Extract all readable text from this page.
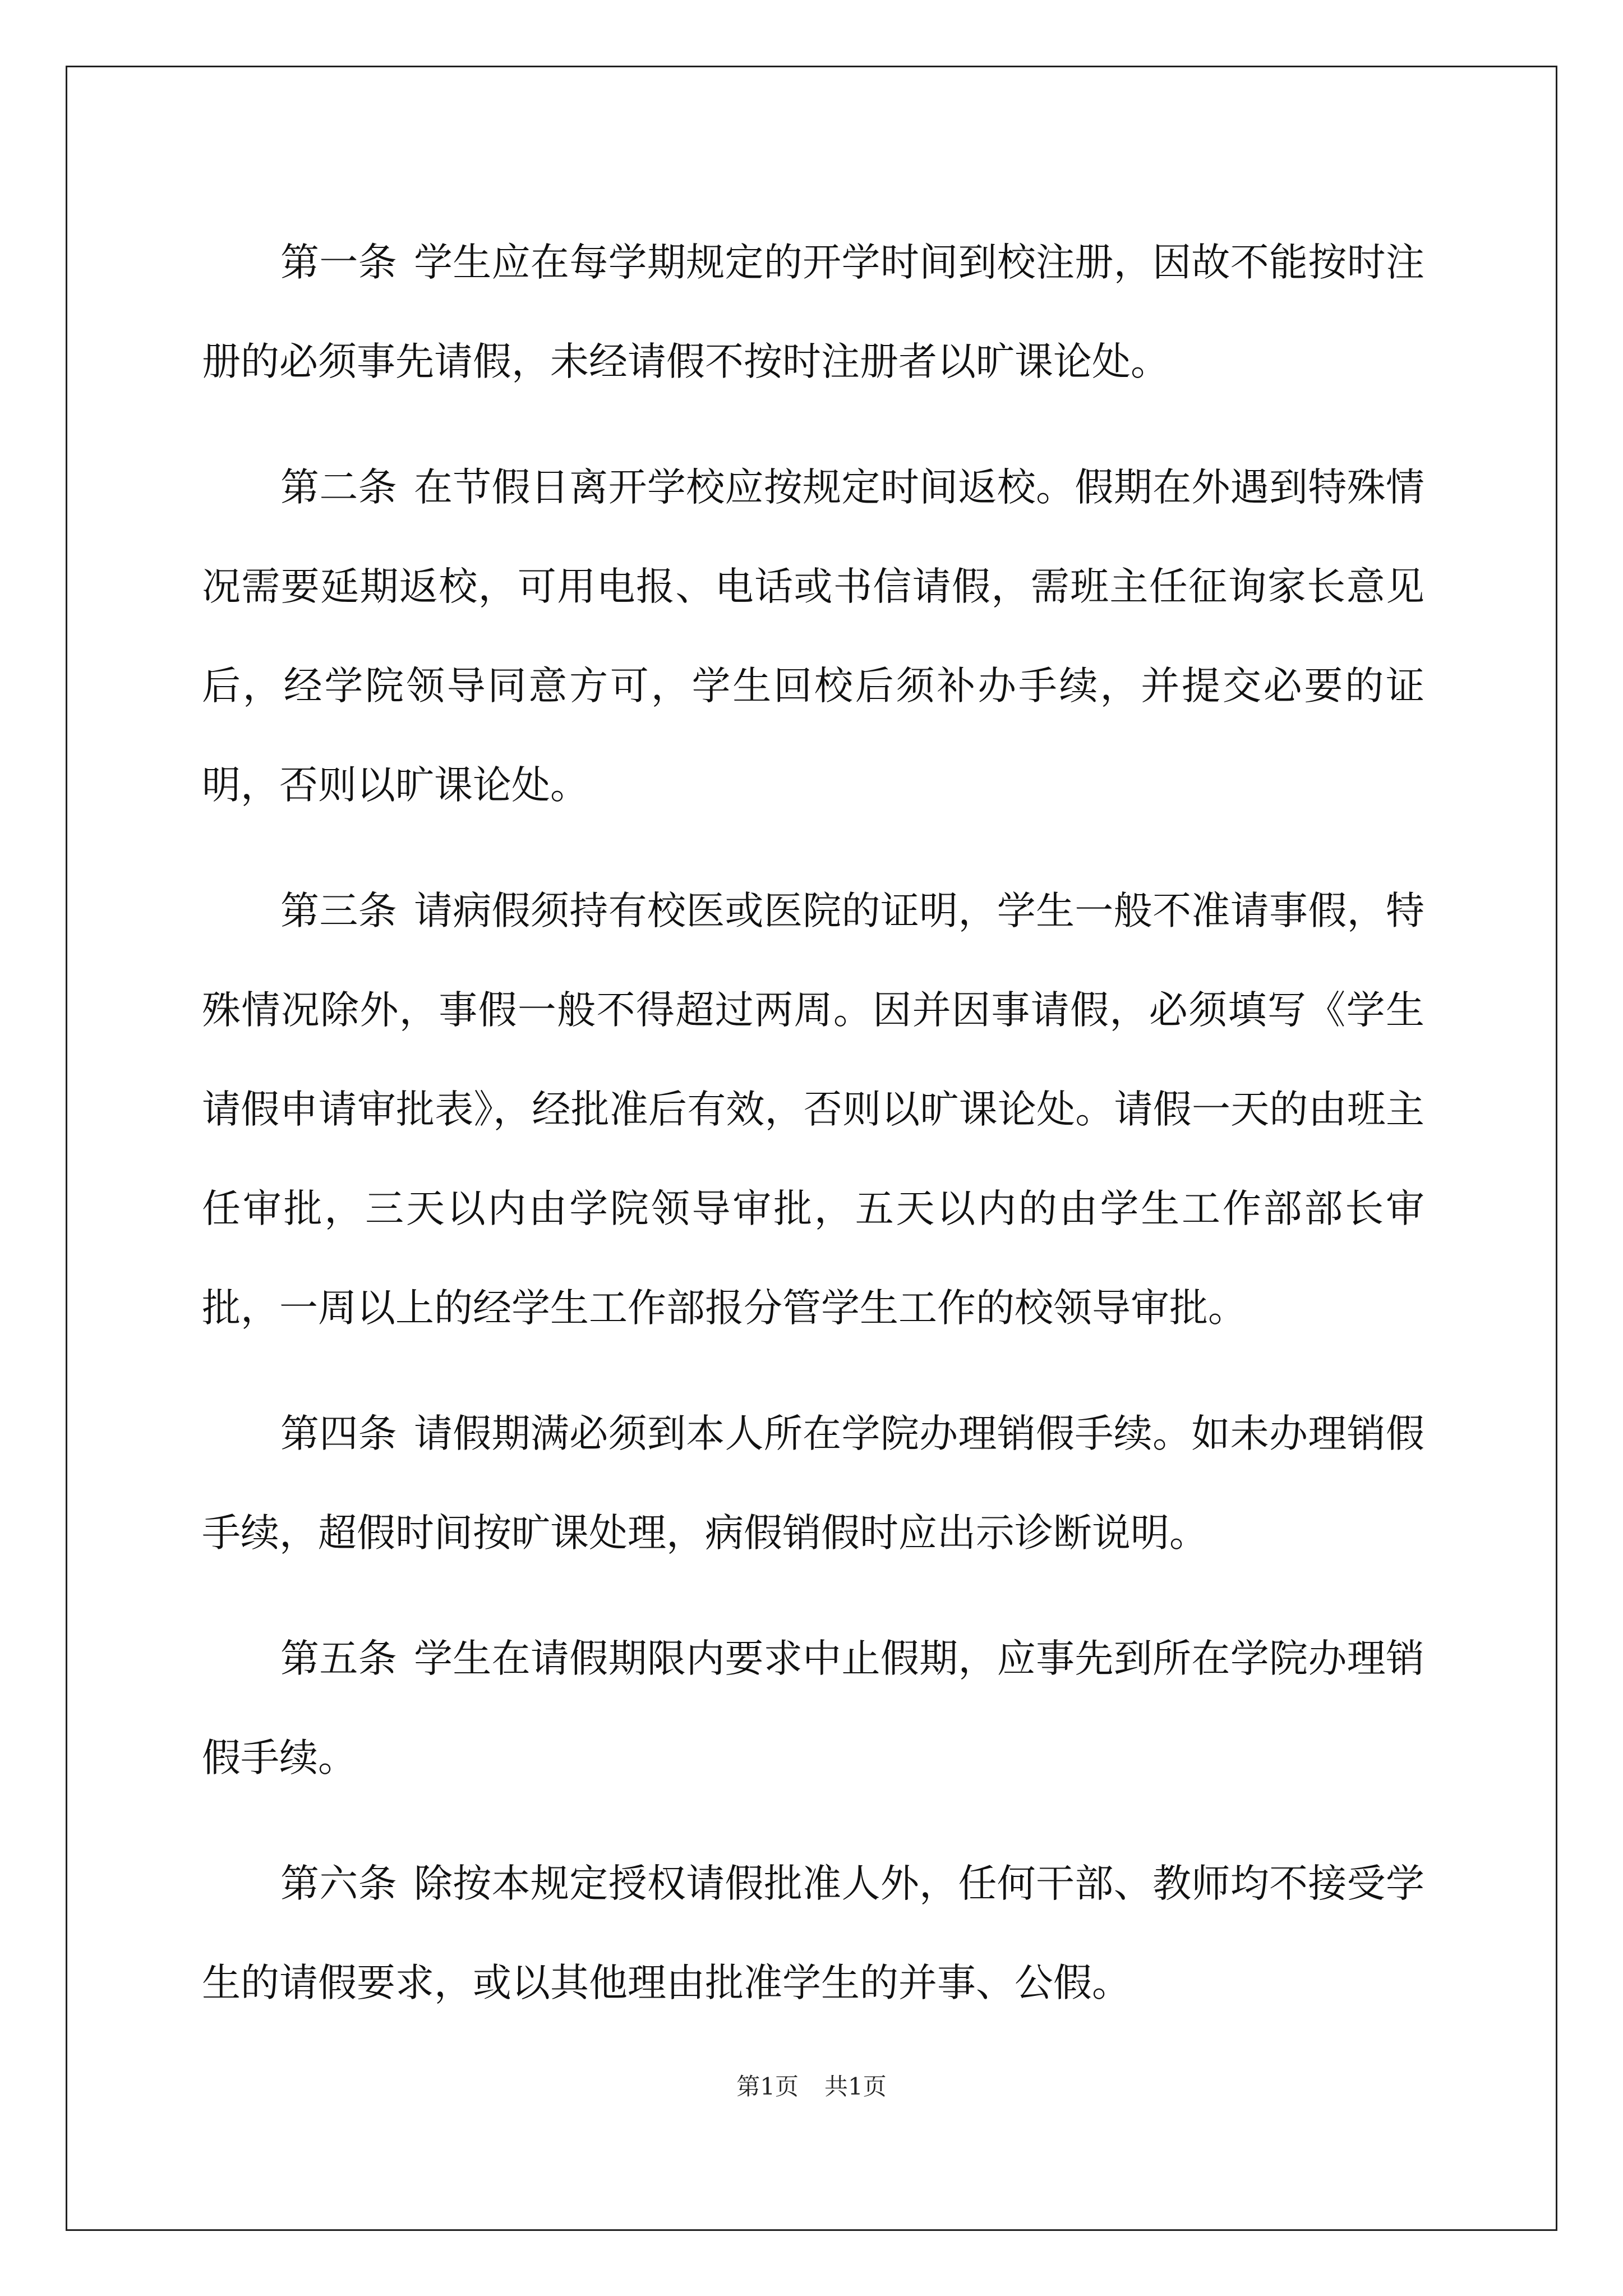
第一条 学生应在每学期规定的开学时间到校注册，因故不能按时注册的必须事先请假，未经请假不按时注册者以旷课论处。

第二条 在节假日离开学校应按规定时间返校。假期在外遇到特殊情况需要延期返校，可用电报、电话或书信请假，需班主任征询家长意见后，经学院领导同意方可，学生回校后须补办手续，并提交必要的证明，否则以旷课论处。

第三条 请病假须持有校医或医院的证明，学生一般不准请事假，特殊情况除外，事假一般不得超过两周。因并因事请假，必须填写《学生请假申请审批表》，经批准后有效，否则以旷课论处。请假一天的由班主任审批，三天以内由学院领导审批，五天以内的由学生工作部部长审批，一周以上的经学生工作部报分管学生工作的校领导审批。

第四条 请假期满必须到本人所在学院办理销假手续。如未办理销假手续，超假时间按旷课处理，病假销假时应出示诊断说明。

第五条 学生在请假期限内要求中止假期，应事先到所在学院办理销假手续。

第六条 除按本规定授权请假批准人外，任何干部、教师均不接受学生的请假要求，或以其他理由批准学生的并事、公假。

第1页 共1页
